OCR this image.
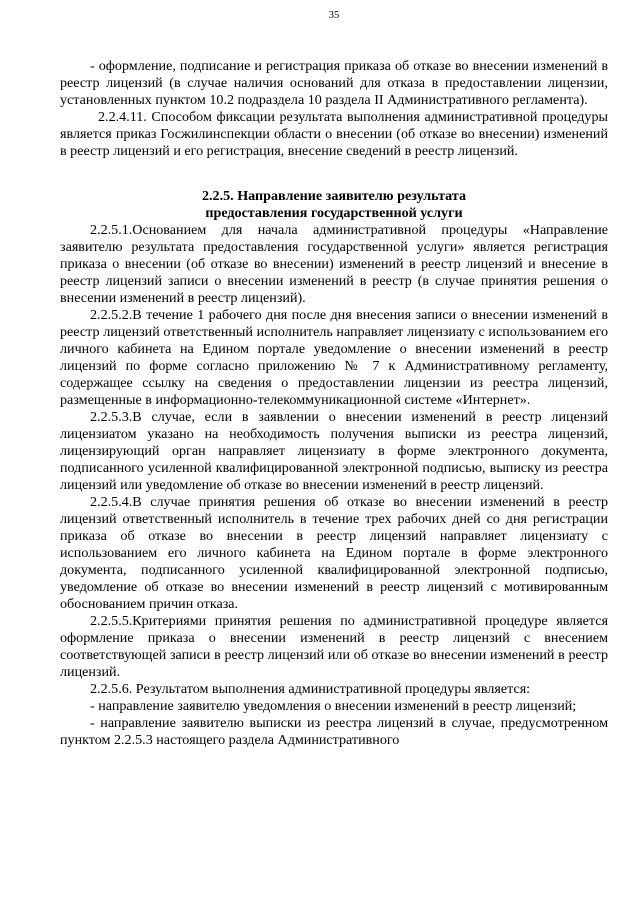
35

- оформление, подписание и регистрация приказа об отказе во внесении изменений в реестр лицензий (в случае наличия оснований для отказа в предоставлении лицензии, установленных пунктом 10.2 подраздела 10 раздела II Административного регламента).

2.2.4.11. Способом фиксации результата выполнения административной процедуры является приказ Госжилинспекции области о внесении (об отказе во внесении) изменений в реестр лицензий и его регистрация, внесение сведений в реестр лицензий.

2.2.5. Направление заявителю результата
предоставления государственной услуги

2.2.5.1.Основанием для начала административной процедуры «Направление заявителю результата предоставления государственной услуги» является регистрация приказа о внесении (об отказе во внесении) изменений в реестр лицензий и внесение в реестр лицензий записи о внесении изменений в реестр (в случае принятия решения о внесении изменений в реестр лицензий).

2.2.5.2.В течение 1 рабочего дня после дня внесения записи о внесении изменений в реестр лицензий ответственный исполнитель направляет лицензиату с использованием его личного кабинета на Едином портале уведомление о внесении изменений в реестр лицензий по форме согласно приложению № 7 к Административному регламенту, содержащее ссылку на сведения о предоставлении лицензии из реестра лицензий, размещенные в информационно-телекоммуникационной системе «Интернет».

2.2.5.3.В случае, если в заявлении о внесении изменений в реестр лицензий лицензиатом указано на необходимость получения выписки из реестра лицензий, лицензирующий орган направляет лицензиату в форме электронного документа, подписанного усиленной квалифицированной электронной подписью, выписку из реестра лицензий или уведомление об отказе во внесении изменений в реестр лицензий.

2.2.5.4.В случае принятия решения об отказе во внесении изменений в реестр лицензий ответственный исполнитель в течение трех рабочих дней со дня регистрации приказа об отказе во внесении в реестр лицензий направляет лицензиату с использованием его личного кабинета на Едином портале в форме электронного документа, подписанного усиленной квалифицированной электронной подписью, уведомление об отказе во внесении изменений в реестр лицензий с мотивированным обоснованием причин отказа.

2.2.5.5.Критериями принятия решения по административной процедуре является оформление приказа о внесении изменений в реестр лицензий с внесением соответствующей записи в реестр лицензий или об отказе во внесении изменений в реестр лицензий.

2.2.5.6. Результатом выполнения административной процедуры является:

- направление заявителю уведомления о внесении изменений в реестр лицензий;

- направление заявителю выписки из реестра лицензий в случае, предусмотренном пунктом 2.2.5.3 настоящего раздела Административного
